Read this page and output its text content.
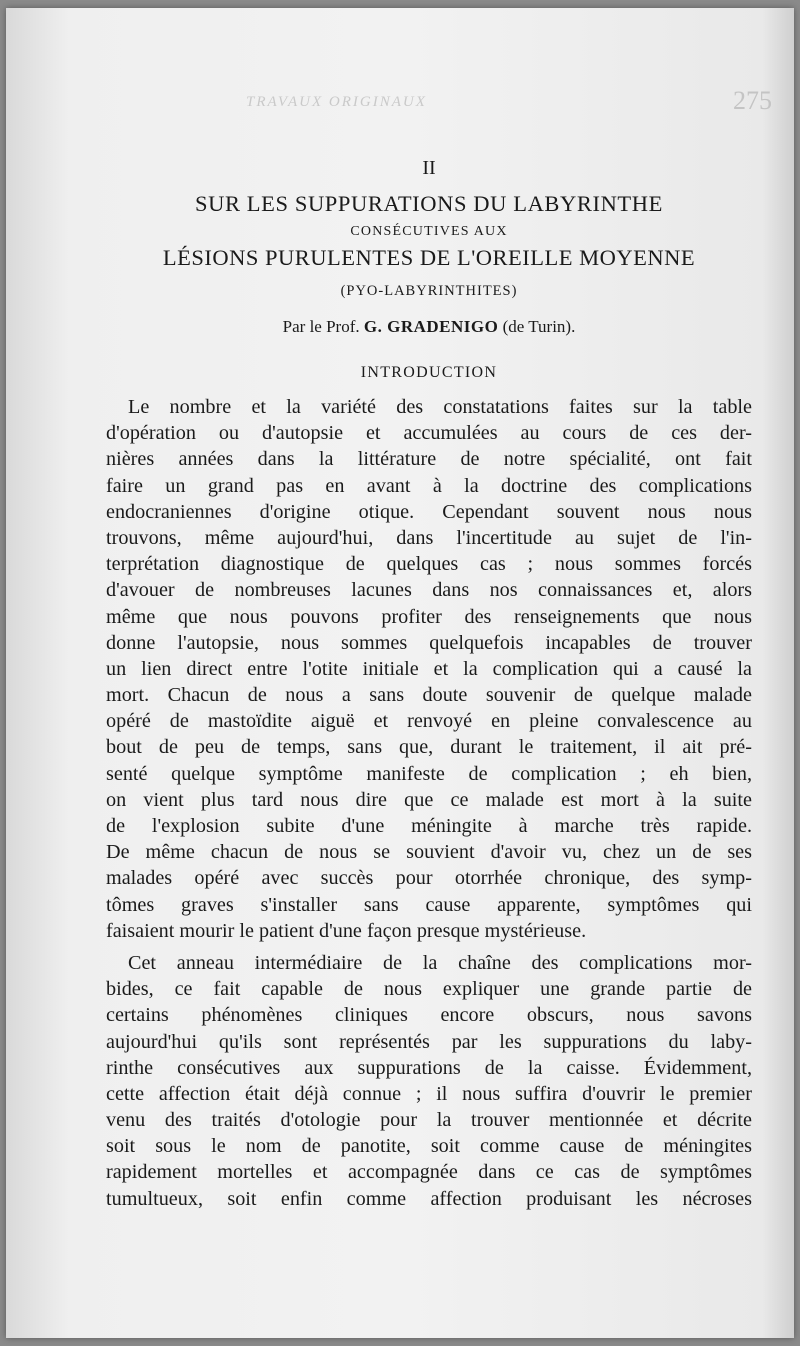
TRAVAUX ORIGINAUX	275
II
SUR LES SUPPURATIONS DU LABYRINTHE
CONSÉCUTIVES AUX
LÉSIONS PURULENTES DE L'OREILLE MOYENNE
(PYO-LABYRINTHITES)
Par le Prof. G. GRADENIGO (de Turin).
INTRODUCTION
Le nombre et la variété des constatations faites sur la table
d'opération ou d'autopsie et accumulées au cours de ces der-
nières années dans la littérature de notre spécialité, ont fait
faire un grand pas en avant à la doctrine des complications
endocraniennes d'origine otique. Cependant souvent nous nous
trouvons, même aujourd'hui, dans l'incertitude au sujet de l'in-
terprétation diagnostique de quelques cas ; nous sommes forcés
d'avouer de nombreuses lacunes dans nos connaissances et, alors
même que nous pouvons profiter des renseignements que nous
donne l'autopsie, nous sommes quelquefois incapables de trouver
un lien direct entre l'otite initiale et la complication qui a causé la
mort. Chacun de nous a sans doute souvenir de quelque malade
opéré de mastoïdite aiguë et renvoyé en pleine convalescence au
bout de peu de temps, sans que, durant le traitement, il ait pré-
senté quelque symptôme manifeste de complication ; eh bien,
on vient plus tard nous dire que ce malade est mort à la suite
de l'explosion subite d'une méningite à marche très rapide.
De même chacun de nous se souvient d'avoir vu, chez un de ses
malades opéré avec succès pour otorrhée chronique, des symp-
tômes graves s'installer sans cause apparente, symptômes qui
faisaient mourir le patient d'une façon presque mystérieuse.
Cet anneau intermédiaire de la chaîne des complications mor-
bides, ce fait capable de nous expliquer une grande partie de
certains phénomènes cliniques encore obscurs, nous savons
aujourd'hui qu'ils sont représentés par les suppurations du laby-
rinthe consécutives aux suppurations de la caisse. Évidemment,
cette affection était déjà connue ; il nous suffira d'ouvrir le premier
venu des traités d'otologie pour la trouver mentionnée et décrite
soit sous le nom de panotite, soit comme cause de méningites
rapidement mortelles et accompagnée dans ce cas de symptômes
tumultueux, soit enfin comme affection produisant les nécroses
